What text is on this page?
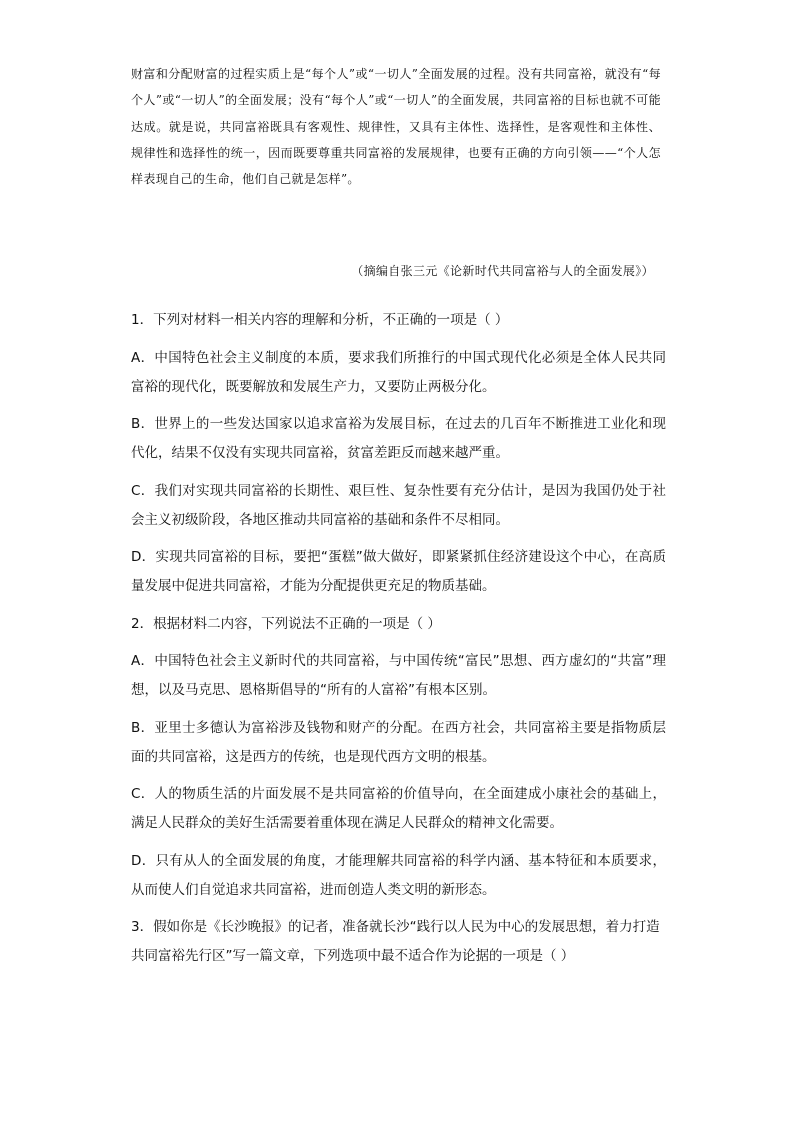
财富和分配财富的过程实质上是“每个人”或“一切人”全面发展的过程。没有共同富裕，就没有“每个人”或“一切人”的全面发展；没有“每个人”或“一切人”的全面发展，共同富裕的目标也就不可能达成。就是说，共同富裕既具有客观性、规律性，又具有主体性、选择性，是客观性和主体性、规律性和选择性的统一，因而既要尊重共同富裕的发展规律，也要有正确的方向引领——“个人怎样表现自己的生命，他们自己就是怎样”。

（摘编自张三元《论新时代共同富裕与人的全面发展》）
1．下列对材料一相关内容的理解和分析，不正确的一项是（ ）
A．中国特色社会主义制度的本质，要求我们所推行的中国式现代化必须是全体人民共同富裕的现代化，既要解放和发展生产力，又要防止两极分化。
B．世界上的一些发达国家以追求富裕为发展目标，在过去的几百年不断推进工业化和现代化，结果不仅没有实现共同富裕，贫富差距反而越来越严重。
C．我们对实现共同富裕的长期性、艰巨性、复杂性要有充分估计，是因为我国仍处于社会主义初级阶段，各地区推动共同富裕的基础和条件不尽相同。
D．实现共同富裕的目标，要把“蛋糕”做大做好，即紧紧抓住经济建设这个中心，在高质量发展中促进共同富裕，才能为分配提供更充足的物质基础。
2．根据材料二内容，下列说法不正确的一项是（ ）
A．中国特色社会主义新时代的共同富裕，与中国传统“富民”思想、西方虚幻的“共富”理想，以及马克思、恩格斯倡导的“所有的人富裕”有根本区别。
B．亚里士多德认为富裕涉及钱物和财产的分配。在西方社会，共同富裕主要是指物质层面的共同富裕，这是西方的传统，也是现代西方文明的根基。
C．人的物质生活的片面发展不是共同富裕的价值导向，在全面建成小康社会的基础上，满足人民群众的美好生活需要着重体现在满足人民群众的精神文化需要。
D．只有从人的全面发展的角度，才能理解共同富裕的科学内涵、基本特征和本质要求，从而使人们自觉追求共同富裕，进而创造人类文明的新形态。
3．假如你是《长沙晚报》的记者，准备就长沙“践行以人民为中心的发展思想，着力打造共同富裕先行区”写一篇文章，下列选项中最不适合作为论据的一项是（ ）
